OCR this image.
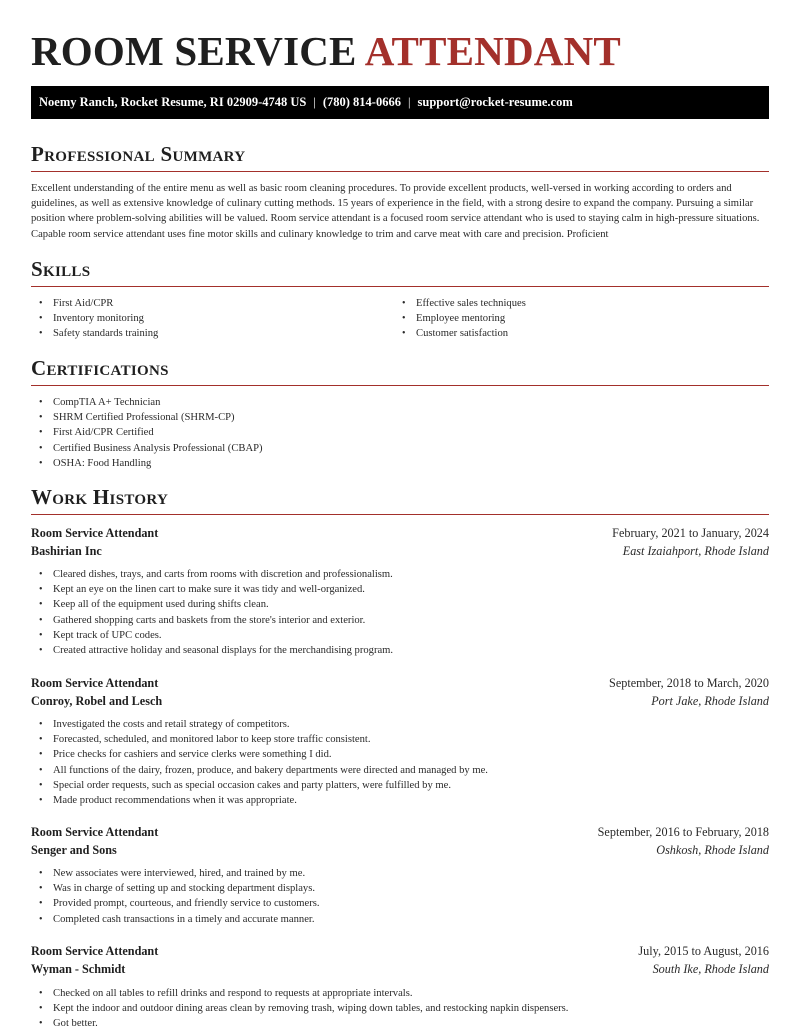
ROOM SERVICE ATTENDANT
Noemy Ranch, Rocket Resume, RI 02909-4748 US | (780) 814-0666 | support@rocket-resume.com
Professional Summary

Excellent understanding of the entire menu as well as basic room cleaning procedures. To provide excellent products, well-versed in working according to orders and guidelines, as well as extensive knowledge of culinary cutting methods. 15 years of experience in the field, with a strong desire to expand the company. Pursuing a similar position where problem-solving abilities will be valued. Room service attendant is a focused room service attendant who is used to staying calm in high-pressure situations. Capable room service attendant uses fine motor skills and culinary knowledge to trim and carve meat with care and precision. Proficient

Skills
• First Aid/CPR
• Inventory monitoring
• Safety standards training
• Effective sales techniques
• Employee mentoring
• Customer satisfaction
Certifications
• CompTIA A+ Technician
• SHRM Certified Professional (SHRM-CP)
• First Aid/CPR Certified
• Certified Business Analysis Professional (CBAP)
• OSHA: Food Handling
Work History
Room Service Attendant	February, 2021 to January, 2024
Bashirian Inc	East Izaiahport, Rhode Island
• Cleared dishes, trays, and carts from rooms with discretion and professionalism.
• Kept an eye on the linen cart to make sure it was tidy and well-organized.
• Keep all of the equipment used during shifts clean.
• Gathered shopping carts and baskets from the store's interior and exterior.
• Kept track of UPC codes.
• Created attractive holiday and seasonal displays for the merchandising program.
Room Service Attendant	September, 2018 to March, 2020
Conroy, Robel and Lesch	Port Jake, Rhode Island
• Investigated the costs and retail strategy of competitors.
• Forecasted, scheduled, and monitored labor to keep store traffic consistent.
• Price checks for cashiers and service clerks were something I did.
• All functions of the dairy, frozen, produce, and bakery departments were directed and managed by me.
• Special order requests, such as special occasion cakes and party platters, were fulfilled by me.
• Made product recommendations when it was appropriate.
Room Service Attendant	September, 2016 to February, 2018
Senger and Sons	Oshkosh, Rhode Island
• New associates were interviewed, hired, and trained by me.
• Was in charge of setting up and stocking department displays.
• Provided prompt, courteous, and friendly service to customers.
• Completed cash transactions in a timely and accurate manner.
Room Service Attendant	July, 2015 to August, 2016
Wyman - Schmidt	South Ike, Rhode Island
• Checked on all tables to refill drinks and respond to requests at appropriate intervals.
• Kept the indoor and outdoor dining areas clean by removing trash, wiping down tables, and restocking napkin dispensers.
• Got better.
